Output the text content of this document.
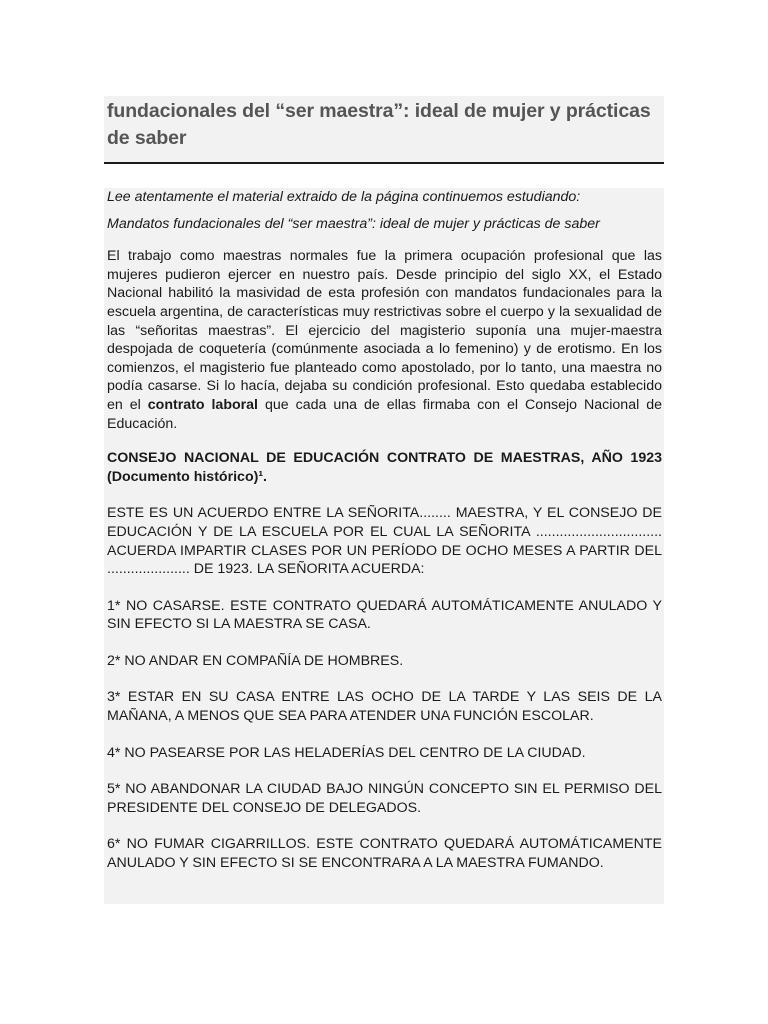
fundacionales del “ser maestra”: ideal de mujer y prácticas de saber

Lee atentamente el material extraido de la página continuemos estudiando:

Mandatos fundacionales del “ser maestra”: ideal de mujer y prácticas de saber

El trabajo como maestras normales fue la primera ocupación profesional que las mujeres pudieron ejercer en nuestro país. Desde principio del siglo XX, el Estado Nacional habilitó la masividad de esta profesión con mandatos fundacionales para la escuela argentina, de características muy restrictivas sobre el cuerpo y la sexualidad de las “señoritas maestras”. El ejercicio del magisterio suponía una mujer-maestra despojada de coquetería (comúnmente asociada a lo femenino) y de erotismo. En los comienzos, el magisterio fue planteado como apostolado, por lo tanto, una maestra no podía casarse. Si lo hacía, dejaba su condición profesional. Esto quedaba establecido en el contrato laboral que cada una de ellas firmaba con el Consejo Nacional de Educación.

CONSEJO NACIONAL DE EDUCACIÓN CONTRATO DE MAESTRAS, AÑO 1923 (Documento histórico)¹.

ESTE ES UN ACUERDO ENTRE LA SEÑORITA........ MAESTRA, Y EL CONSEJO DE EDUCACIÓN Y DE LA ESCUELA POR EL CUAL LA SEÑORITA ................................ ACUERDA IMPARTIR CLASES POR UN PERÍODO DE OCHO MESES A PARTIR DEL ..................... DE 1923. LA SEÑORITA ACUERDA:

1* NO CASARSE. ESTE CONTRATO QUEDARÁ AUTOMÁTICAMENTE ANULADO Y SIN EFECTO SI LA MAESTRA SE CASA.

2* NO ANDAR EN COMPAÑÍA DE HOMBRES.

3* ESTAR EN SU CASA ENTRE LAS OCHO DE LA TARDE Y LAS SEIS DE LA MAÑANA, A MENOS QUE SEA PARA ATENDER UNA FUNCIÓN ESCOLAR.

4* NO PASEARSE POR LAS HELADERÍAS DEL CENTRO DE LA CIUDAD.

5* NO ABANDONAR LA CIUDAD BAJO NINGÚN CONCEPTO SIN EL PERMISO DEL PRESIDENTE DEL CONSEJO DE DELEGADOS.

6* NO FUMAR CIGARRILLOS. ESTE CONTRATO QUEDARÁ AUTOMÁTICAMENTE ANULADO Y SIN EFECTO SI SE ENCONTRARA A LA MAESTRA FUMANDO.
